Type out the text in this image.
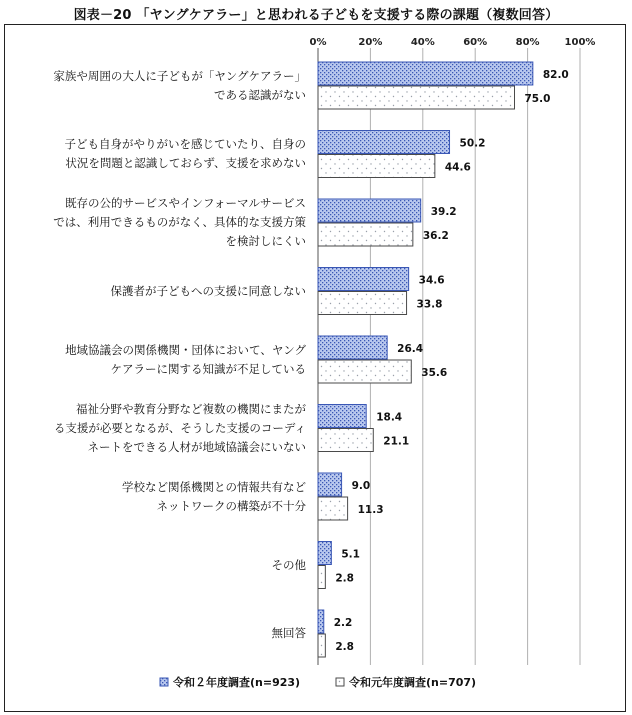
図表－20 「ヤングケアラー」と思われる子どもを支援する際の課題（複数回答）
0%	20%	40%	60%	80% 100%
82.0
75.0
50.2
44.6
39.2
36.2
34.6
33.8
26.4
35.6
18.4
21.1
9.0
11.3
5.1
2.8
2.2
2.8
令和２年度調査(n=923)	令和元年度調査(n=707)
家族や周囲の大人に子どもが「ヤングケアラー」
である認識がない
子ども自身がやりがいを感じていたり、自身の
状況を問題と認識しておらず、支援を求めない
既存の公的サービスやインフォーマルサービス
では、利用できるものがなく、具体的な支援方策
を検討しにくい
保護者が子どもへの支援に同意しない
地域協議会の関係機関・団体において、ヤング
ケアラーに関する知識が不足している
福祉分野や教育分野など複数の機関にまたが
る支援が必要となるが、そうした支援のコーディ
ネートをできる人材が地域協議会にいない
学校など関係機関との情報共有など
ネットワークの構築が不十分
その他
無回答
